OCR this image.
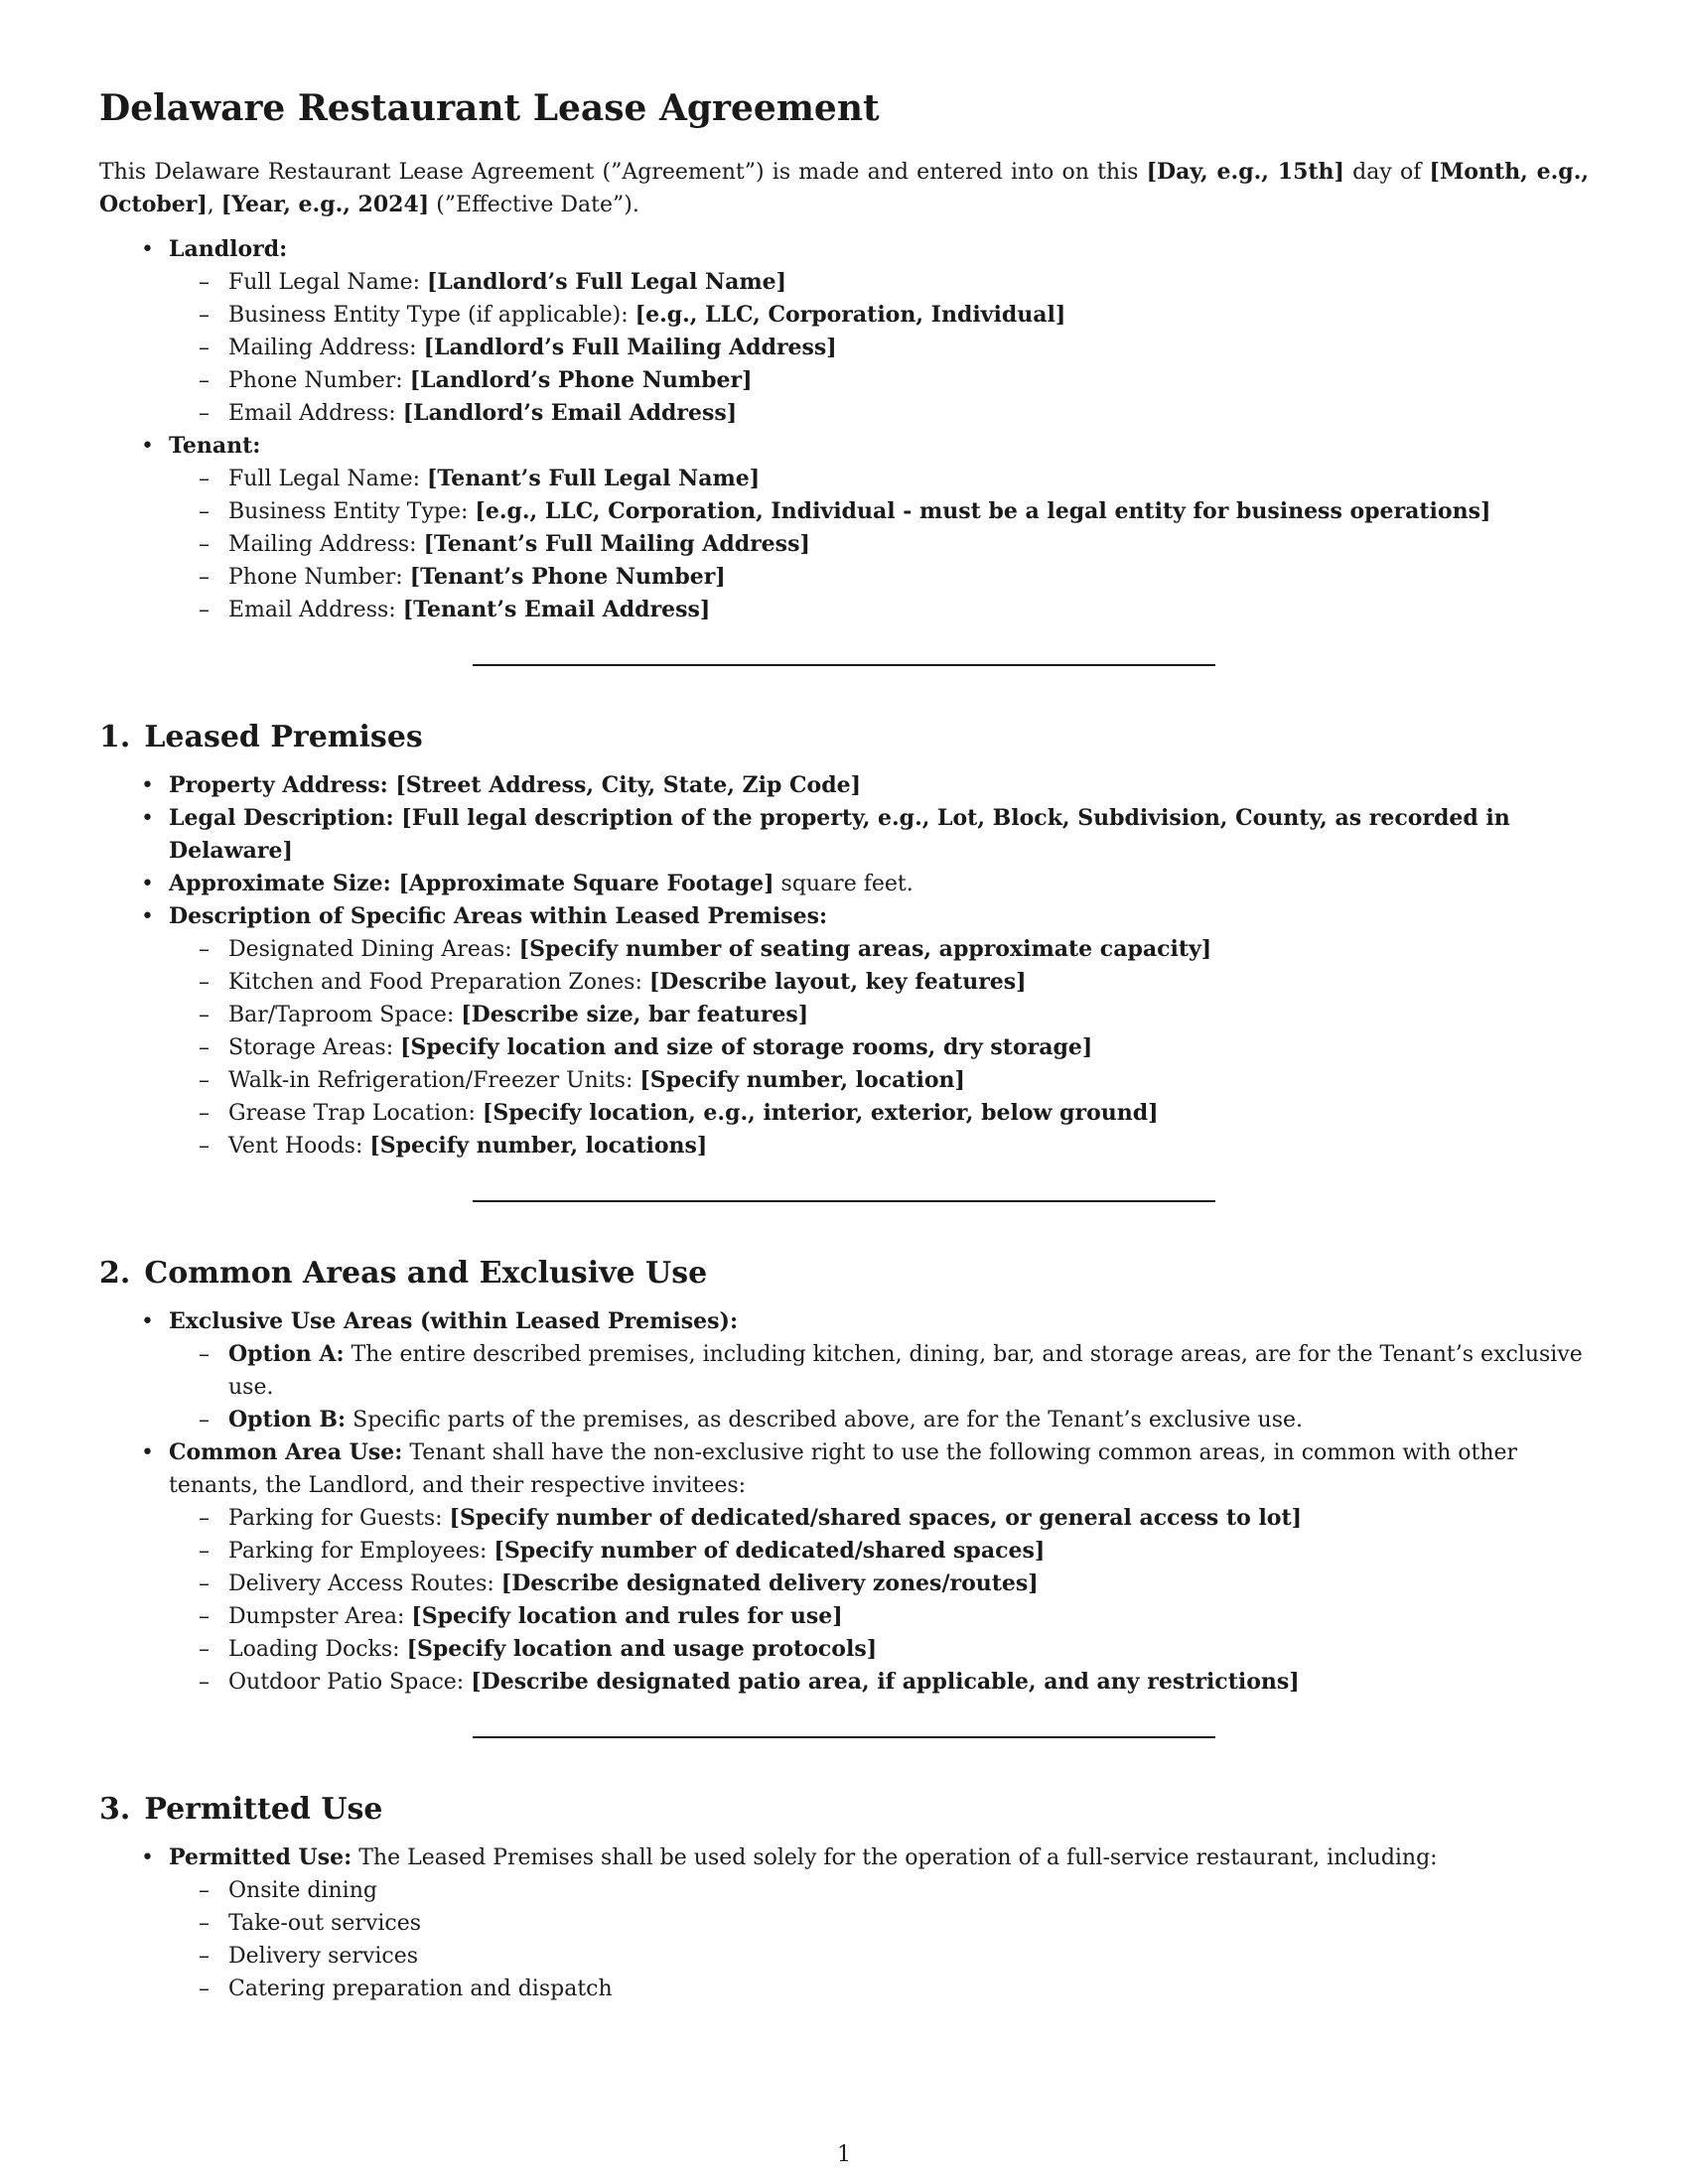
Delaware Restaurant Lease Agreement

This Delaware Restaurant Lease Agreement (”Agreement”) is made and entered into on this [Day, e.g., 15th] day of [Month, e.g., October], [Year, e.g., 2024] (”Effective Date”).

• Landlord:
– Full Legal Name: [Landlord’s Full Legal Name]
– Business Entity Type (if applicable): [e.g., LLC, Corporation, Individual]
– Mailing Address: [Landlord’s Full Mailing Address]
– Phone Number: [Landlord’s Phone Number]
– Email Address: [Landlord’s Email Address]
• Tenant:
– Full Legal Name: [Tenant’s Full Legal Name]
– Business Entity Type: [e.g., LLC, Corporation, Individual - must be a legal entity for business operations]
– Mailing Address: [Tenant’s Full Mailing Address]
– Phone Number: [Tenant’s Phone Number]
– Email Address: [Tenant’s Email Address]
1. Leased Premises
• Property Address: [Street Address, City, State, Zip Code]
• Legal Description: [Full legal description of the property, e.g., Lot, Block, Subdivision, County, as recorded in Delaware]
• Approximate Size: [Approximate Square Footage] square feet.
• Description of Specific Areas within Leased Premises:
– Designated Dining Areas: [Specify number of seating areas, approximate capacity]
– Kitchen and Food Preparation Zones: [Describe layout, key features]
– Bar/Taproom Space: [Describe size, bar features]
– Storage Areas: [Specify location and size of storage rooms, dry storage]
– Walk-in Refrigeration/Freezer Units: [Specify number, location]
– Grease Trap Location: [Specify location, e.g., interior, exterior, below ground]
– Vent Hoods: [Specify number, locations]
2. Common Areas and Exclusive Use
• Exclusive Use Areas (within Leased Premises):
– Option A: The entire described premises, including kitchen, dining, bar, and storage areas, are for the Tenant’s exclusive use.
– Option B: Specific parts of the premises, as described above, are for the Tenant’s exclusive use.
• Common Area Use: Tenant shall have the non-exclusive right to use the following common areas, in common with other tenants, the Landlord, and their respective invitees:
– Parking for Guests: [Specify number of dedicated/shared spaces, or general access to lot]
– Parking for Employees: [Specify number of dedicated/shared spaces]
– Delivery Access Routes: [Describe designated delivery zones/routes]
– Dumpster Area: [Specify location and rules for use]
– Loading Docks: [Specify location and usage protocols]
– Outdoor Patio Space: [Describe designated patio area, if applicable, and any restrictions]
3. Permitted Use
• Permitted Use: The Leased Premises shall be used solely for the operation of a full-service restaurant, including:
– Onsite dining
– Take-out services
– Delivery services
– Catering preparation and dispatch
1
